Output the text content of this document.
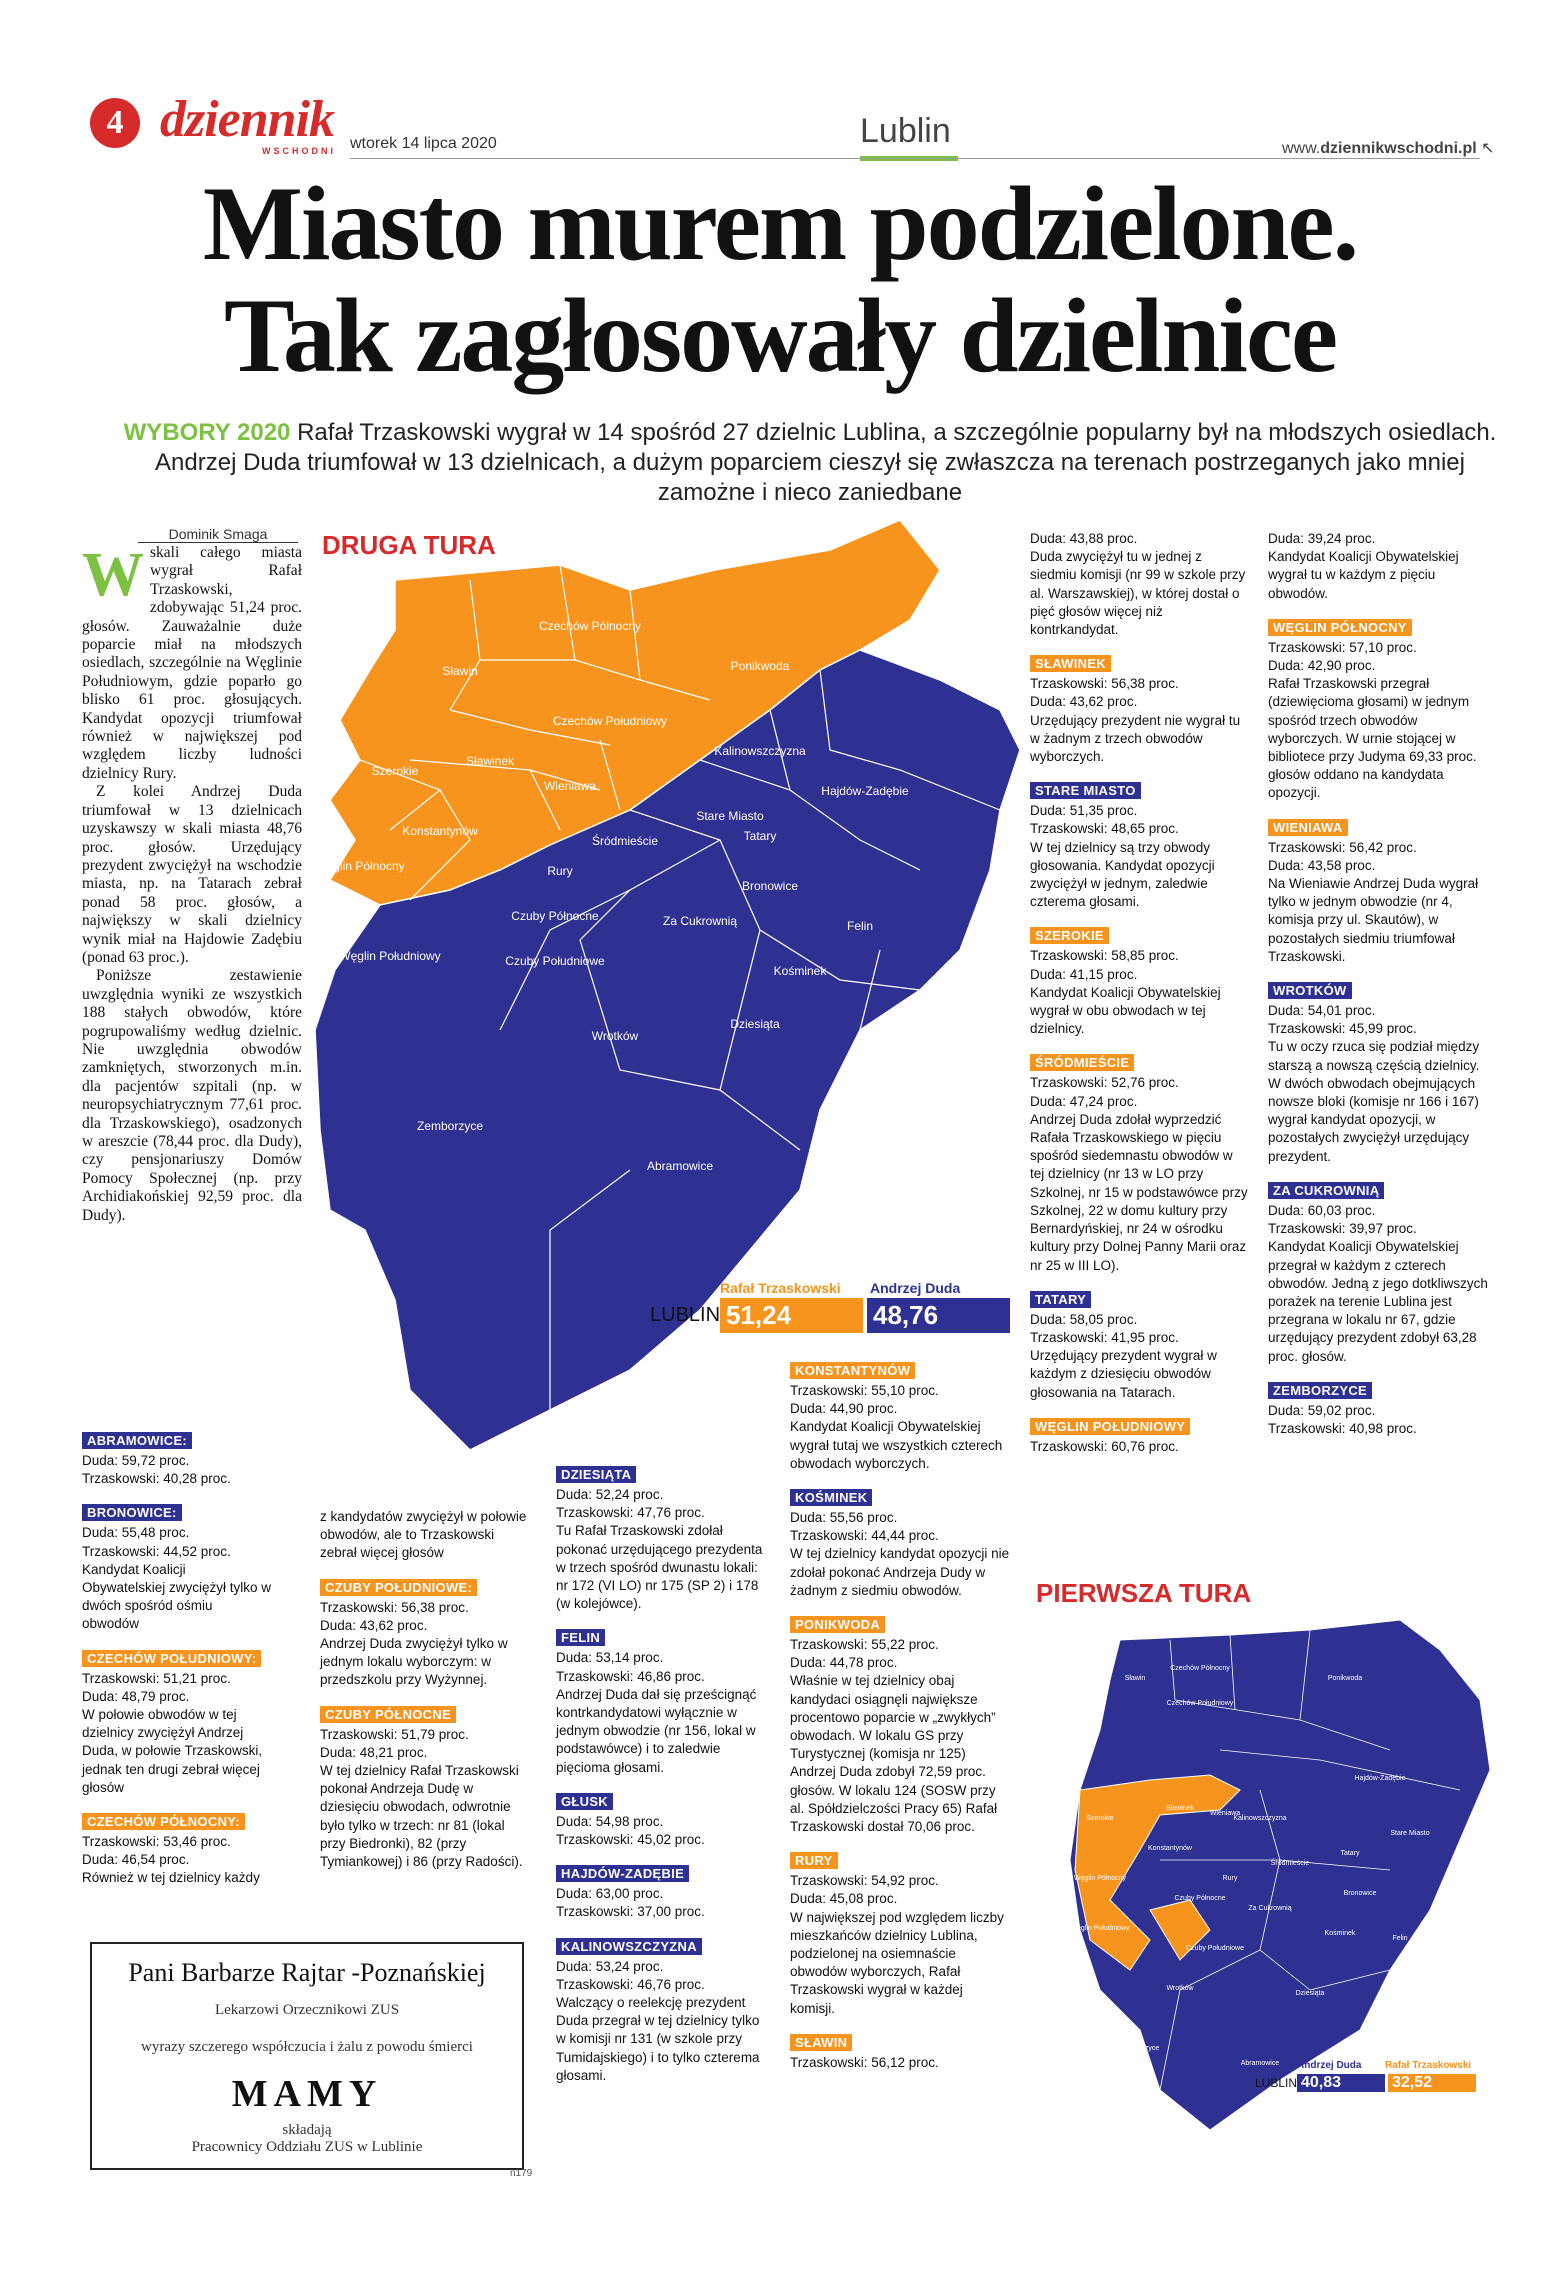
4 dziennik
WSCHODNI wtorek 14 lipca 2020	Lublin	www.dziennikwschodni.pl ↖
Miasto murem podzielone.
Tak zagłosowały dzielnice
WYBORY 2020 Rafał Trzaskowski wygrał w 14 spośród 27 dzielnic Lublina, a szczególnie popularny był na młodszych osiedlach. Andrzej Duda triumfował w 13 dzielnicach, a dużym poparciem cieszył się zwłaszcza na terenach postrzeganych jako mniej zamożne i nieco zaniedbane
Dominik Smaga
W skali całego miasta wygrał Rafał Trzaskowski, zdobywając 51,24 proc. głosów. Zauważalnie duże poparcie miał na młodszych osiedlach, szczególnie na Węglinie Południowym, gdzie poparło go blisko 61 proc. głosujących. Kandydat opozycji triumfował również w największej pod względem liczby ludności dzielnicy Rury.

Z kolei Andrzej Duda triumfował w 13 dzielnicach uzyskawszy w skali miasta 48,76 proc. głosów. Urzędujący prezydent zwyciężył na wschodzie miasta, np. na Tatarach zebrał ponad 58 proc. głosów, a największy w skali dzielnicy wynik miał na Hajdowie Zadębiu (ponad 63 proc.).

Poniższe zestawienie uwzględnia wyniki ze wszystkich 188 stałych obwodów, które pogrupowaliśmy według dzielnic. Nie uwzględnia obwodów zamkniętych, stworzonych m.in. dla pacjentów szpitali (np. w neuropsychiatrycznym 77,61 proc. dla Trzaskowskiego), osadzonych w areszcie (78,44 proc. dla Dudy), czy pensjonariuszy Domów Pomocy Społecznej (np. przy Archidiakońskiej 92,59 proc. dla Dudy).

ABRAMOWICE:
Duda: 59,72 proc.
Trzaskowski: 40,28 proc.
BRONOWICE:
Duda: 55,48 proc.
Trzaskowski: 44,52 proc.
Kandydat Koalicji Obywatelskiej zwyciężył tylko w dwóch spośród ośmiu obwodów
CZECHÓW POŁUDNIOWY:
Trzaskowski: 51,21 proc.
Duda: 48,79 proc.
W połowie obwodów w tej dzielnicy zwyciężył Andrzej Duda, w połowie Trzaskowski, jednak ten drugi zebrał więcej głosów
CZECHÓW PÓŁNOCNY:
Trzaskowski: 53,46 proc.
Duda: 46,54 proc.
Również w tej dzielnicy każdy
z kandydatów zwyciężył w połowie obwodów, ale to Trzaskowski zebrał więcej głosów
CZUBY POŁUDNIOWE:
Trzaskowski: 56,38 proc.
Duda: 43,62 proc.
Andrzej Duda zwyciężył tylko w jednym lokalu wyborczym: w przedszkolu przy Wyżynnej.
CZUBY PÓŁNOCNE
Trzaskowski: 51,79 proc.
Duda: 48,21 proc.
W tej dzielnicy Rafał Trzaskowski pokonał Andrzeja Dudę w dziesięciu obwodach, odwrotnie było tylko w trzech: nr 81 (lokal przy Biedronki), 82 (przy Tymiankowej) i 86 (przy Radości).
DZIESIĄTA
Duda: 52,24 proc.
Trzaskowski: 47,76 proc.
Tu Rafał Trzaskowski zdołał pokonać urzędującego prezydenta w trzech spośród dwunastu lokali: nr 172 (VI LO) nr 175 (SP 2) i 178 (w kolejówce).
FELIN
Duda: 53,14 proc.
Trzaskowski: 46,86 proc.
Andrzej Duda dał się prześcignąć kontrkandydatowi wyłącznie w jednym obwodzie (nr 156, lokal w podstawówce) i to zaledwie pięcioma głosami.
GŁUSK
Duda: 54,98 proc.
Trzaskowski: 45,02 proc.
HAJDÓW-ZADĘBIE
Duda: 63,00 proc.
Trzaskowski: 37,00 proc.
KALINOWSZCZYZNA
Duda: 53,24 proc.
Trzaskowski: 46,76 proc.
Walczący o reelekcję prezydent Duda przegrał w tej dzielnicy tylko w komisji nr 131 (w szkole przy Tumidajskiego) i to tylko czterema głosami.
KONSTANTYNÓW
Trzaskowski: 55,10 proc.
Duda: 44,90 proc.
Kandydat Koalicji Obywatelskiej wygrał tutaj we wszystkich czterech obwodach wyborczych.
KOŚMINEK
Duda: 55,56 proc.
Trzaskowski: 44,44 proc.
W tej dzielnicy kandydat opozycji nie zdołał pokonać Andrzeja Dudy w żadnym z siedmiu obwodów.
PONIKWODA
Trzaskowski: 55,22 proc.
Duda: 44,78 proc.
Właśnie w tej dzielnicy obaj kandydaci osiągnęli największe procentowo poparcie w „zwykłych” obwodach. W lokalu GS przy Turystycznej (komisja nr 125) Andrzej Duda zdobył 72,59 proc. głosów. W lokalu 124 (SOSW przy al. Spółdzielczości Pracy 65) Rafał Trzaskowski dostał 70,06 proc.
RURY
Trzaskowski: 54,92 proc.
Duda: 45,08 proc.
W największej pod względem liczby mieszkańców dzielnicy Lublina, podzielonej na osiemnaście obwodów wyborczych, Rafał Trzaskowski wygrał w każdej komisji.
SŁAWIN
Trzaskowski: 56,12 proc.
Duda: 43,88 proc.
Duda zwyciężył tu w jednej z siedmiu komisji (nr 99 w szkole przy al. Warszawskiej), w której dostał o pięć głosów więcej niż kontrkandydat.
SŁAWINEK
Trzaskowski: 56,38 proc.
Duda: 43,62 proc.
Urzędujący prezydent nie wygrał tu w żadnym z trzech obwodów wyborczych.
STARE MIASTO
Duda: 51,35 proc.
Trzaskowski: 48,65 proc.
W tej dzielnicy są trzy obwody głosowania. Kandydat opozycji zwyciężył w jednym, zaledwie czterema głosami.
SZEROKIE
Trzaskowski: 58,85 proc.
Duda: 41,15 proc.
Kandydat Koalicji Obywatelskiej wygrał w obu obwodach w tej dzielnicy.
ŚRÓDMIEŚCIE
Trzaskowski: 52,76 proc.
Duda: 47,24 proc.
Andrzej Duda zdołał wyprzedzić Rafała Trzaskowskiego w pięciu spośród siedemnastu obwodów w tej dzielnicy (nr 13 w LO przy Szkolnej, nr 15 w podstawówce przy Szkolnej, 22 w domu kultury przy Bernardyńskiej, nr 24 w ośrodku kultury przy Dolnej Panny Marii oraz nr 25 w III LO).
TATARY
Duda: 58,05 proc.
Trzaskowski: 41,95 proc.
Urzędujący prezydent wygrał w każdym z dziesięciu obwodów głosowania na Tatarach.
WĘGLIN POŁUDNIOWY
Trzaskowski: 60,76 proc.
Duda: 39,24 proc.
Kandydat Koalicji Obywatelskiej wygrał tu w każdym z pięciu obwodów.
WĘGLIN PÓŁNOCNY
Trzaskowski: 57,10 proc.
Duda: 42,90 proc.
Rafał Trzaskowski przegrał (dziewięcioma głosami) w jednym spośród trzech obwodów wyborczych. W urnie stojącej w bibliotece przy Judyma 69,33 proc. głosów oddano na kandydata opozycji.
WIENIAWA
Trzaskowski: 56,42 proc.
Duda: 43,58 proc.
Na Wieniawie Andrzej Duda wygrał tylko w jednym obwodzie (nr 4, komisja przy ul. Skautów), w pozostałych siedmiu triumfował Trzaskowski.
WROTKÓW
Duda: 54,01 proc.
Trzaskowski: 45,99 proc.
Tu w oczy rzuca się podział między starszą a nowszą częścią dzielnicy. W dwóch obwodach obejmujących nowsze bloki (komisje nr 166 i 167) wygrał kandydat opozycji, w pozostałych zwyciężył urzędujący prezydent.
ZA CUKROWNIĄ
Duda: 60,03 proc.
Trzaskowski: 39,97 proc.
Kandydat Koalicji Obywatelskiej przegrał w każdym z czterech obwodów. Jedną z jego dotkliwszych porażek na terenie Lublina jest przegrana w lokalu nr 67, gdzie urzędujący prezydent zdobył 63,28 proc. głosów.
ZEMBORZYCE
Duda: 59,02 proc.
Trzaskowski: 40,98 proc.
DRUGA TURA
Sławin
Czechów Północny
Ponikwoda
Czechów Południowy
Szerokie
Sławinek
Kalinowszczyzna
Hajdów-Zadębie
Wieniawa
Stare Miasto
Konstantynów
Śródmieście	Tatary
Węglin Północny	Rury
Bronowice
Za Cukrownią
Czuby Północne
Węglin Południowy	Czuby Południowe
Felin
Kośminek
Wrotków
Dziesiąta
Zemborzyce
Głusk
Abramowice
Rafał Trzaskowski Andrzej Duda
LUBLIN 51,24	48,76
PIERWSZA TURA
Sławin
Czechów Północny
Ponikwoda
Czechów Południowy
Szerokie
Sławinek
Kalinowszczyzna
Hajdów-Zadębie
Wieniawa
Stare Miasto
Konstantynów
Śródmieście
Tatary
Węglin Północny	Rury
Bronowice
Za Cukrownią
Czuby Północne
Węglin Południowy
Czuby Południowe
Felin
Kośminek
Wrotków
Dziesiąta
Zemborzyce
Głusk
Abramowice Andrzej Duda Rafał Trzaskowski
LUBLIN 40,83	32,52
Pani Barbarze Rajtar -Poznańskiej
Lekarzowi Orzecznikowi ZUS
wyrazy szczerego współczucia i żalu z powodu śmierci
MAMY
składają
Pracownicy Oddziału ZUS w Lublinie
n179
